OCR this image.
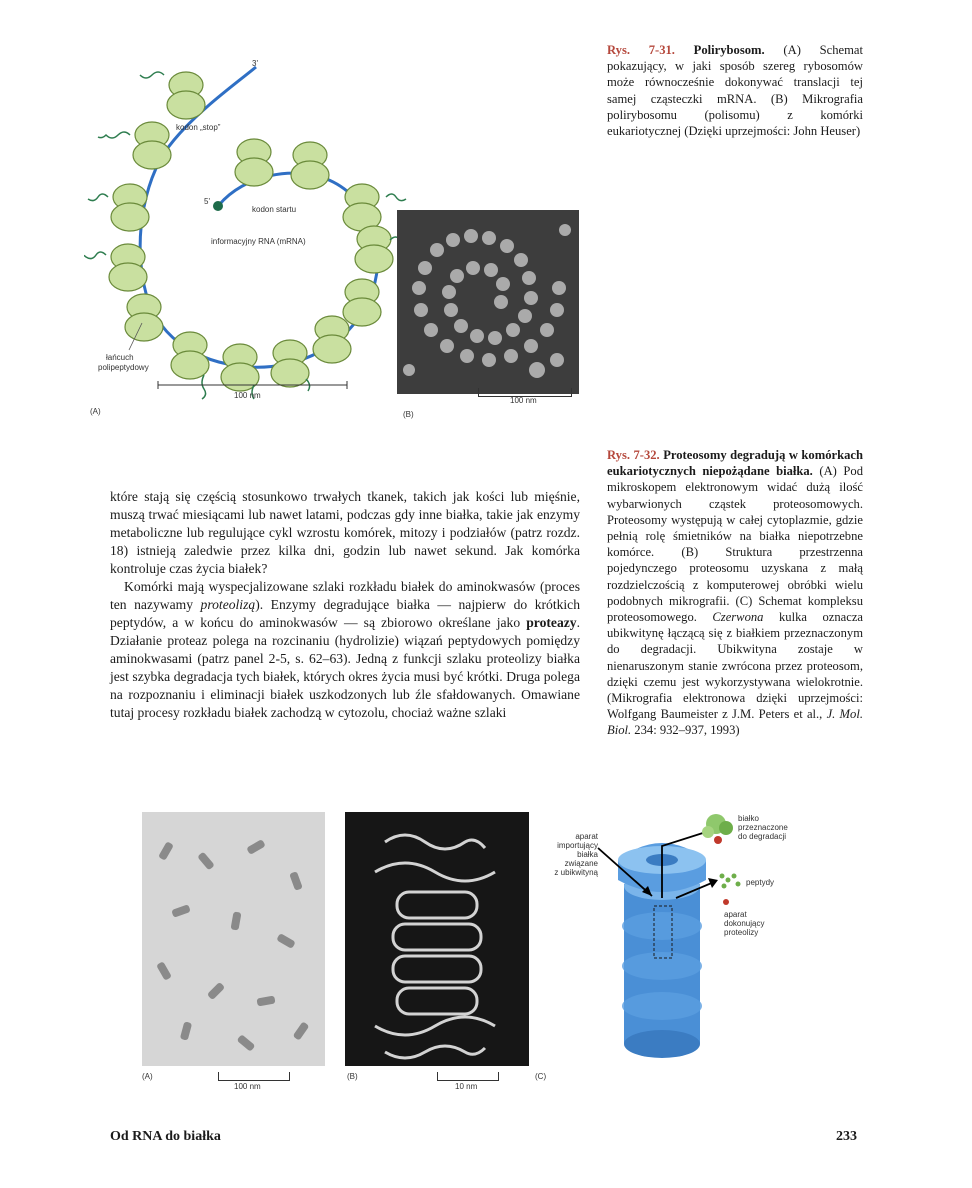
3'
kodon „stop”
5'
kodon startu
informacyjny RNA (mRNA)
łańcuch
polipeptydowy
100 nm
(A)
100 nm
(B)
Rys. 7-31. Polirybosom. (A) Schemat pokazujący, w jaki sposób szereg rybosomów może równocześnie dokonywać translacji tej samej cząsteczki mRNA. (B) Mikrografia polirybosomu (polisomu) z komórki eukariotycznej (Dzięki uprzejmości: John Heuser)
Rys. 7-32. Proteosomy degradują w komórkach eukariotycznych niepożądane białka. (A) Pod mikroskopem elektronowym widać dużą ilość wybarwionych cząstek proteosomowych. Proteosomy występują w całej cytoplazmie, gdzie pełnią rolę śmietników na białka niepotrzebne komórce. (B) Struktura przestrzenna pojedynczego proteosomu uzyskana z małą rozdzielczością z komputerowej obróbki wielu podobnych mikrografii. (C) Schemat kompleksu proteosomowego. Czerwona kulka oznacza ubikwitynę łączącą się z białkiem przeznaczonym do degradacji. Ubikwityna zostaje w nienaruszonym stanie zwrócona przez proteosom, dzięki czemu jest wykorzystywana wielokrotnie. (Mikrografia elektronowa dzięki uprzejmości: Wolfgang Baumeister z J.M. Peters et al., J. Mol. Biol. 234: 932–937, 1993)

które stają się częścią stosunkowo trwałych tkanek, takich jak kości lub mięśnie, muszą trwać miesiącami lub nawet latami, podczas gdy inne białka, takie jak enzymy metaboliczne lub regulujące cykl wzrostu komórek, mitozy i podziałów (patrz rozdz. 18) istnieją zaledwie przez kilka dni, godzin lub nawet sekund. Jak komórka kontroluje czas życia białek?

Komórki mają wyspecjalizowane szlaki rozkładu białek do aminokwasów (proces ten nazywamy proteolizą). Enzymy degradujące białka — najpierw do krótkich peptydów, a w końcu do aminokwasów — są zbiorowo określane jako proteazy. Działanie proteaz polega na rozcinaniu (hydrolizie) wiązań peptydowych pomiędzy aminokwasami (patrz panel 2-5, s. 62–63). Jedną z funkcji szlaku proteolizy białka jest szybka degradacja tych białek, których okres życia musi być krótki. Druga polega na rozpoznaniu i eliminacji białek uszkodzonych lub źle sfałdowanych. Omawiane tutaj procesy rozkładu białek zachodzą w cytozolu, chociaż ważne szlaki

100 nm
(A)
10 nm
(B)	(C)
aparat
importujący
białka
związane
z ubikwityną
białko
przeznaczone
do degradacji
peptydy
aparat
dokonujący
proteolizy
Od RNA do białka	233
